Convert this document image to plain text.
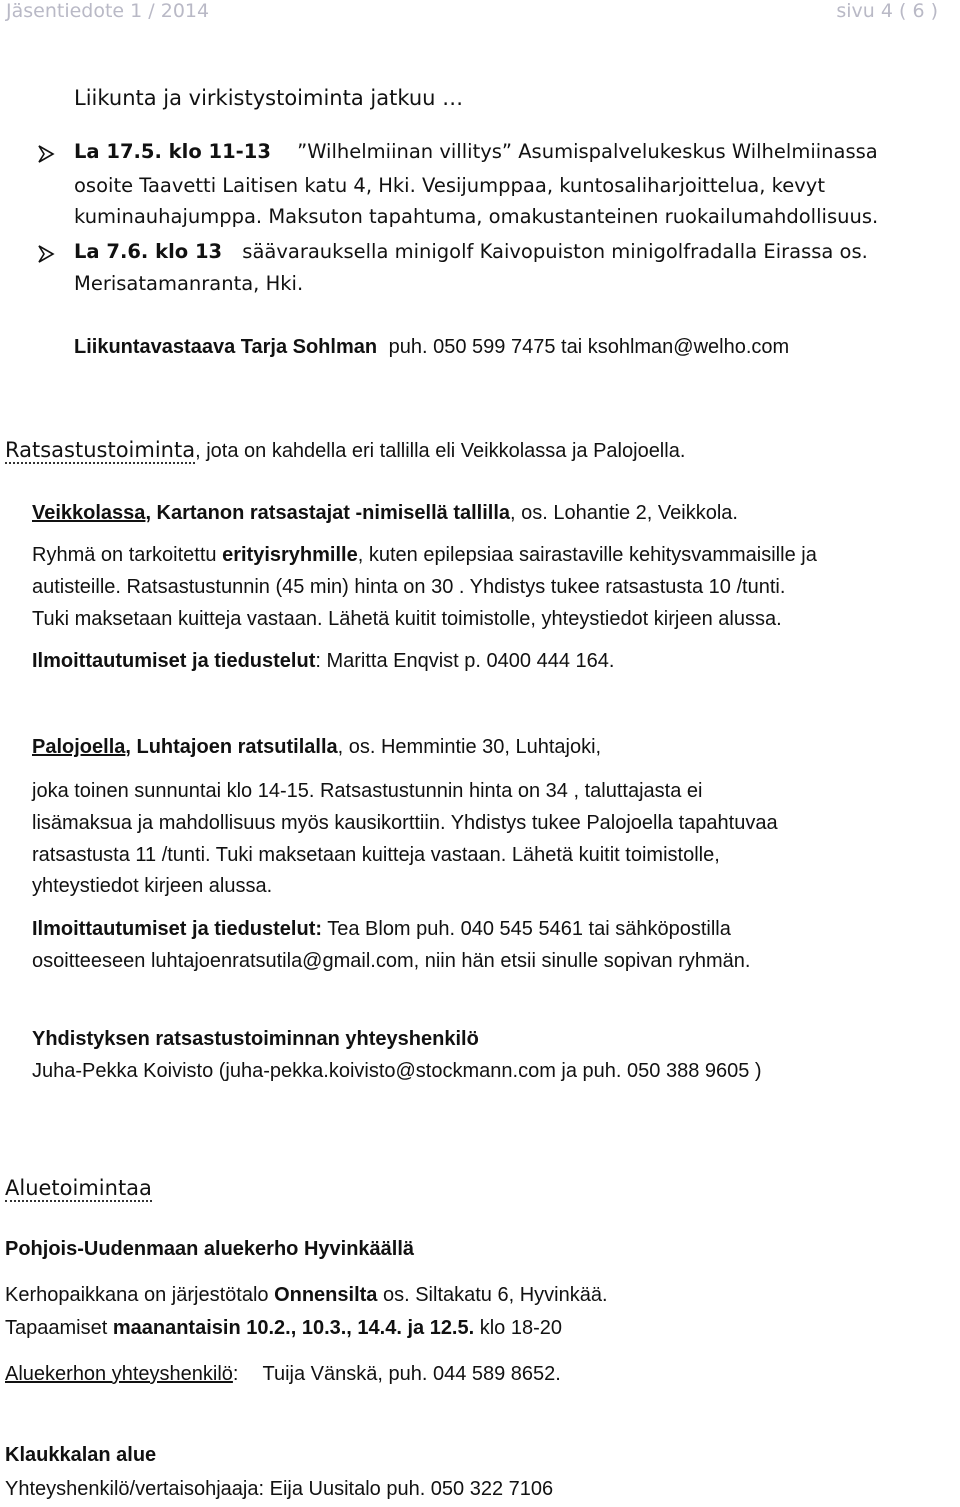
Jäsentiedote 1 / 2014	sivu 4 ( 6 )
Liikunta ja virkistystoiminta jatkuu …
La 17.5. klo 11-13 ”Wilhelmiinan villitys” Asumispalvelukeskus Wilhelmiinassa
osoite Taavetti Laitisen katu 4, Hki. Vesijumppaa, kuntosaliharjoittelua, kevyt
kuminauhajumppa. Maksuton tapahtuma, omakustanteinen ruokailumahdollisuus.
La 7.6. klo 13 säävarauksella minigolf Kaivopuiston minigolfradalla Eirassa os.
Merisatamanranta, Hki.
Liikuntavastaava Tarja Sohlman puh. 050 599 7475 tai ksohlman@welho.com
Ratsastustoiminta, jota on kahdella eri tallilla eli Veikkolassa ja Palojoella.
Veikkolassa, Kartanon ratsastajat -nimisellä tallilla, os. Lohantie 2, Veikkola.
Ryhmä on tarkoitettu erityisryhmille, kuten epilepsiaa sairastaville kehitysvammaisille ja
autisteille. Ratsastustunnin (45 min) hinta on 30 . Yhdistys tukee ratsastusta 10 /tunti.
Tuki maksetaan kuitteja vastaan. Lähetä kuitit toimistolle, yhteystiedot kirjeen alussa.
Ilmoittautumiset ja tiedustelut: Maritta Enqvist p. 0400 444 164.
Palojoella, Luhtajoen ratsutilalla, os. Hemmintie 30, Luhtajoki,
joka toinen sunnuntai klo 14-15. Ratsastustunnin hinta on 34 , taluttajasta ei
lisämaksua ja mahdollisuus myös kausikorttiin. Yhdistys tukee Palojoella tapahtuvaa
ratsastusta 11 /tunti. Tuki maksetaan kuitteja vastaan. Lähetä kuitit toimistolle,
yhteystiedot kirjeen alussa.
Ilmoittautumiset ja tiedustelut: Tea Blom puh. 040 545 5461 tai sähköpostilla
osoitteeseen luhtajoenratsutila@gmail.com, niin hän etsii sinulle sopivan ryhmän.
Yhdistyksen ratsastustoiminnan yhteyshenkilö
Juha-Pekka Koivisto (juha-pekka.koivisto@stockmann.com ja puh. 050 388 9605 )
Aluetoimintaa
Pohjois-Uudenmaan aluekerho Hyvinkäällä
Kerhopaikkana on järjestötalo Onnensilta os. Siltakatu 6, Hyvinkää.
Tapaamiset maanantaisin 10.2., 10.3., 14.4. ja 12.5. klo 18-20
Aluekerhon yhteyshenkilö: Tuija Vänskä, puh. 044 589 8652.
Klaukkalan alue
Yhteyshenkilö/vertaisohjaaja: Eija Uusitalo puh. 050 322 7106
